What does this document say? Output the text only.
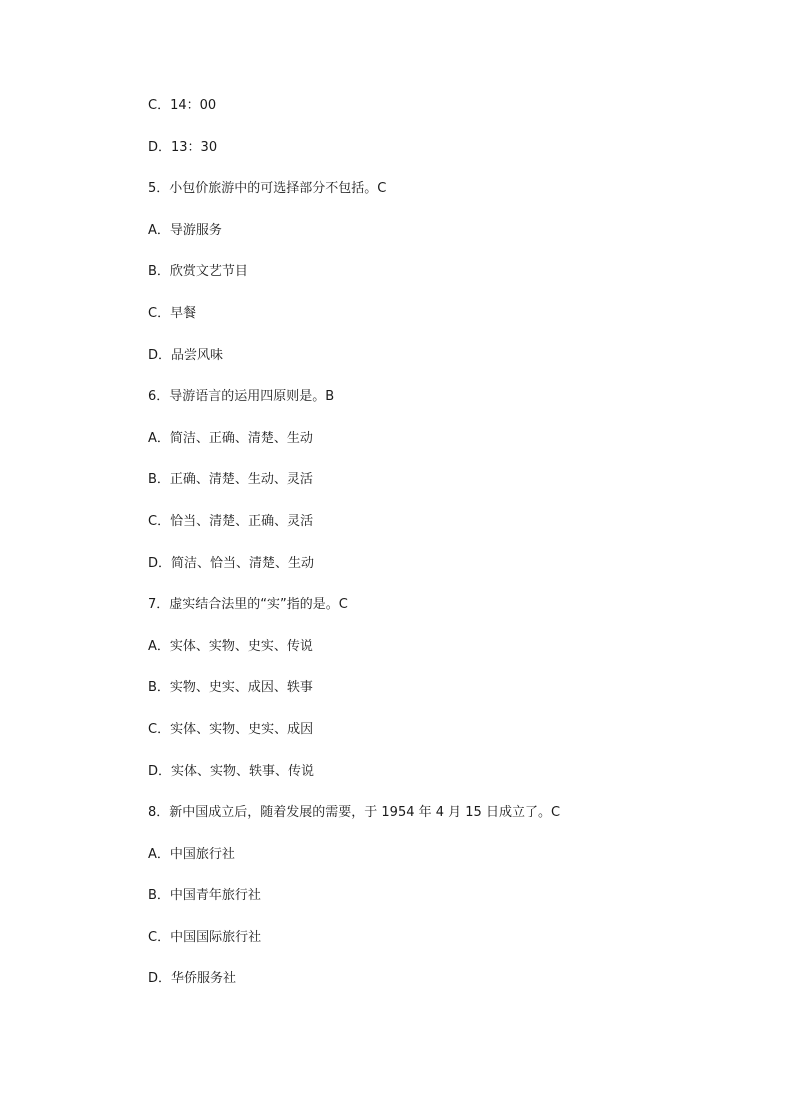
C．14：00
D．13：30
5．小包价旅游中的可选择部分不包括。C
A．导游服务
B．欣赏文艺节目
C．早餐
D．品尝风味
6．导游语言的运用四原则是。B
A．简洁、正确、清楚、生动
B．正确、清楚、生动、灵活
C．恰当、清楚、正确、灵活
D．简洁、恰当、清楚、生动
7．虚实结合法里的“实”指的是。C
A．实体、实物、史实、传说
B．实物、史实、成因、轶事
C．实体、实物、史实、成因
D．实体、实物、轶事、传说
8．新中国成立后，随着发展的需要，于 1954 年 4 月 15 日成立了。C
A．中国旅行社
B．中国青年旅行社
C．中国国际旅行社
D．华侨服务社
